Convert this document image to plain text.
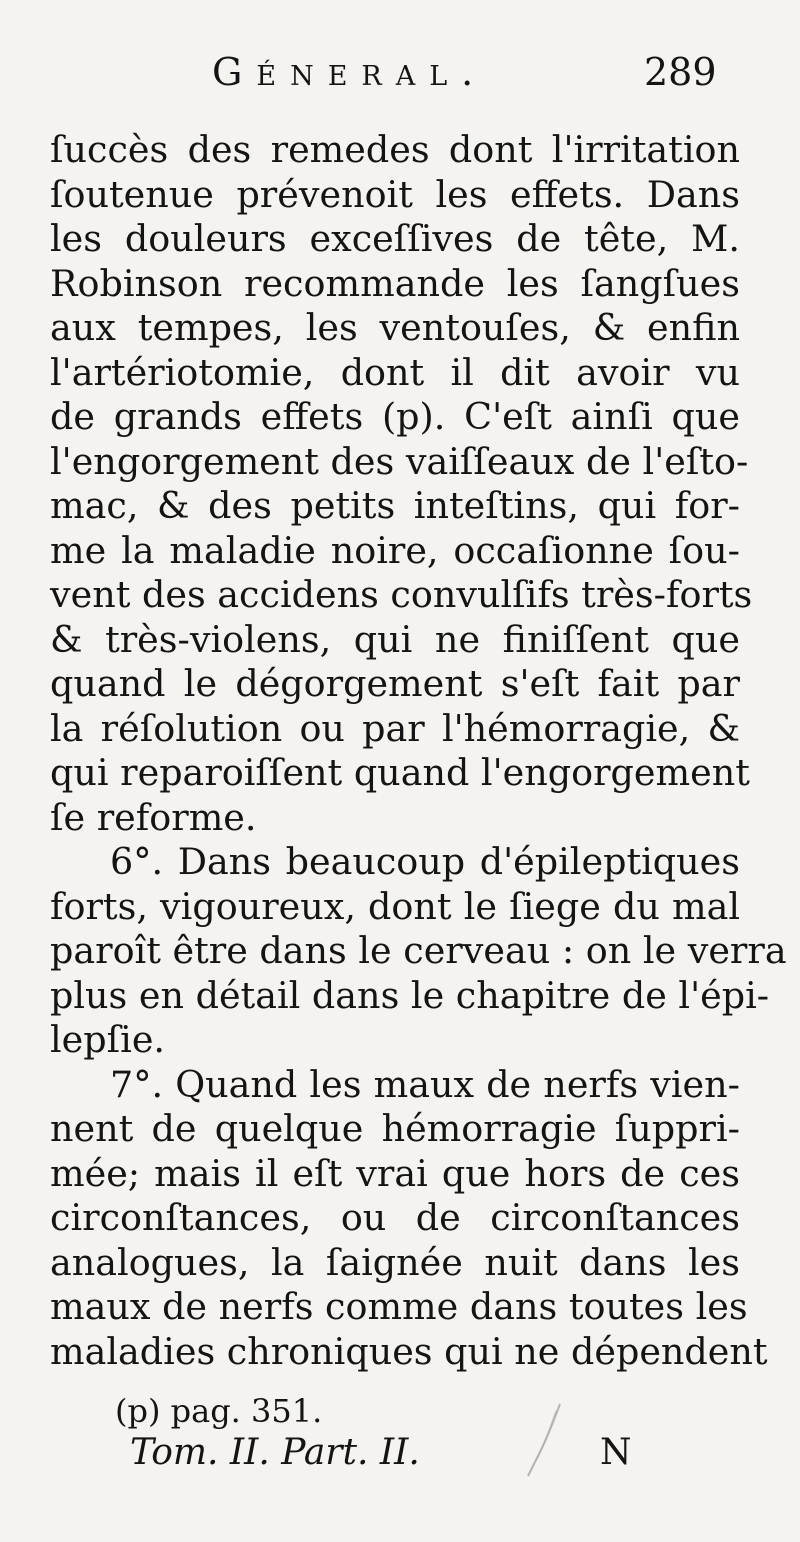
Géneral.	289
ſuccès des remedes dont l'irritation
ſoutenue prévenoit les effets. Dans
les douleurs exceſſives de tête, M.
Robinson recommande les ſangſues
aux tempes, les ventouſes, & enfin
l'artériotomie, dont il dit avoir vu
de grands effets (p). C'eſt ainſi que
l'engorgement des vaiſſeaux de l'eſto-
mac, & des petits inteſtins, qui for-
me la maladie noire, occaſionne ſou-
vent des accidens convulſifs très-forts
& très-violens, qui ne finiſſent que
quand le dégorgement s'eſt fait par
la réſolution ou par l'hémorragie, &
qui reparoiſſent quand l'engorgement
ſe reforme.
6°. Dans beaucoup d'épileptiques
forts, vigoureux, dont le ſiege du mal
paroît être dans le cerveau : on le verra
plus en détail dans le chapitre de l'épi-
lepſie.
7°. Quand les maux de nerfs vien-
nent de quelque hémorragie ſuppri-
mée; mais il eſt vrai que hors de ces
circonſtances, ou de circonſtances
analogues, la ſaignée nuit dans les
maux de nerfs comme dans toutes les
maladies chroniques qui ne dépendent
(p) pag. 351.
Tom. II. Part. II.	N
